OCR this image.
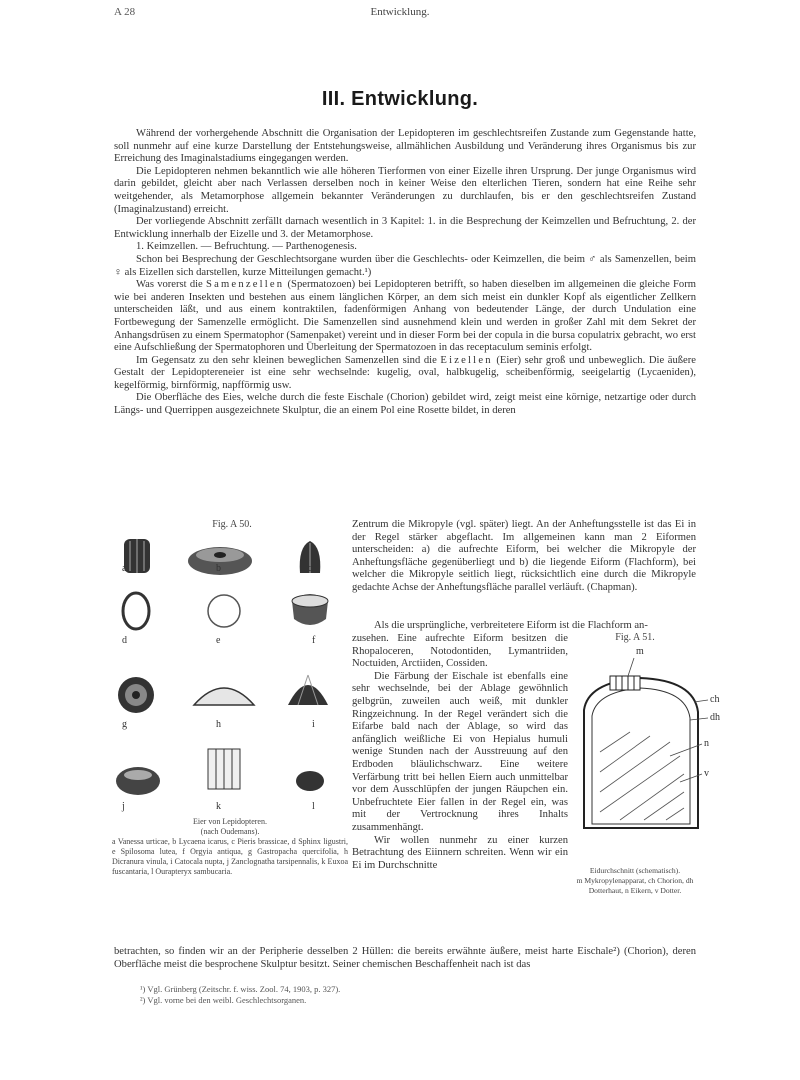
A 28	Entwicklung.
III. Entwicklung.
Während der vorhergehende Abschnitt die Organisation der Lepidopteren im geschlechtsreifen Zustande zum Gegenstande hatte, soll nunmehr auf eine kurze Darstellung der Entstehungsweise, allmählichen Ausbildung und Veränderung ihres Organismus bis zur Erreichung des Imaginalstadiums eingegangen werden.
Die Lepidopteren nehmen bekanntlich wie alle höheren Tierformen von einer Eizelle ihren Ursprung. Der junge Organismus wird darin gebildet, gleicht aber nach Verlassen derselben noch in keiner Weise den elterlichen Tieren, sondern hat eine Reihe sehr weitgehender, als Metamorphose allgemein bekannter Veränderungen zu durchlaufen, bis er den geschlechtsreifen Zustand (Imaginalzustand) erreicht.
Der vorliegende Abschnitt zerfällt darnach wesentlich in 3 Kapitel: 1. in die Besprechung der Keimzellen und Befruchtung, 2. der Entwicklung innerhalb der Eizelle und 3. der Metamorphose.
1. Keimzellen. — Befruchtung. — Parthenogenesis.
Schon bei Besprechung der Geschlechtsorgane wurden über die Geschlechts- oder Keimzellen, die beim ♂ als Samenzellen, beim ♀ als Eizellen sich darstellen, kurze Mitteilungen gemacht.¹)
Was vorerst die Samenzellen (Spermatozoen) bei Lepidopteren betrifft, so haben dieselben im allgemeinen die gleiche Form wie bei anderen Insekten und bestehen aus einem länglichen Körper, an dem sich meist ein dunkler Kopf als eigentlicher Zellkern unterscheiden läßt, und aus einem kontraktilen, fadenförmigen Anhang von bedeutender Länge, der durch Undulation eine Fortbewegung der Samenzelle ermöglicht. Die Samenzellen sind ausnehmend klein und werden in großer Zahl mit dem Sekret der Anhangsdrüsen zu einem Spermatophor (Samenpaket) vereint und in dieser Form bei der copula in die bursa copulatrix gebracht, wo erst eine Aufschließung der Spermatophoren und Überleitung der Spermatozoen in das receptaculum seminis erfolgt.
Im Gegensatz zu den sehr kleinen beweglichen Samenzellen sind die Eizellen (Eier) sehr groß und unbeweglich. Die äußere Gestalt der Lepidoptereneier ist eine sehr wechselnde: kugelig, oval, halbkugelig, scheibenförmig, seeigelartig (Lycaeniden), kegelförmig, birnförmig, napfförmig usw.
Die Oberfläche des Eies, welche durch die feste Eischale (Chorion) gebildet wird, zeigt meist eine körnige, netzartige oder durch Längs- und Querrippen ausgezeichnete Skulptur, die an einem Pol eine Rosette bildet, in deren
Zentrum die Mikropyle (vgl. später) liegt. An der Anheftungsstelle ist das Ei in der Regel stärker abgeflacht. Im allgemeinen kann man 2 Eiformen unterscheiden: a) die aufrechte Eiform, bei welcher die Mikropyle der Anheftungsfläche gegenüberliegt und b) die liegende Eiform (Flachform), bei welcher die Mikropyle seitlich liegt, rücksichtlich eine durch die Mikropyle gedachte Achse der Anheftungsfläche parallel verläuft. (Chapman).
Als die ursprüngliche, verbreitetere Eiform ist die Flachform an-
zusehen. Eine aufrechte Eiform besitzen die Rhopaloceren, Notodontiden, Lymantriiden, Noctuiden, Arctiiden, Cossiden.
Die Färbung der Eischale ist ebenfalls eine sehr wechselnde, bei der Ablage gewöhnlich gelbgrün, zuweilen auch weiß, mit dunkler Ringzeichnung. In der Regel verändert sich die Eifarbe bald nach der Ablage, so wird das anfänglich weißliche Ei von Hepialus humuli wenige Stunden nach der Ausstreuung auf den Erdboden bläulichschwarz. Eine weitere Verfärbung tritt bei hellen Eiern auch unmittelbar vor dem Ausschlüpfen der jungen Räupchen ein. Unbefruchtete Eier fallen in der Regel ein, was mit der Vertrocknung ihres Inhalts zusammenhängt.
Wir wollen nunmehr zu einer kurzen Betrachtung des Eiinnern schreiten. Wenn wir ein Ei im Durchschnitte
betrachten, so finden wir an der Peripherie desselben 2 Hüllen: die bereits erwähnte äußere, meist harte Eischale²) (Chorion), deren Oberfläche meist die besprochene Skulptur besitzt. Seiner chemischen Beschaffenheit nach ist das
¹) Vgl. Grünberg (Zeitschr. f. wiss. Zool. 74, 1903, p. 327).
²) Vgl. vorne bei den weibl. Geschlechtsorganen.
Fig. A 50.
a	b	c
d	e	f
g	h	i
j	k	l
Eier von Lepidopteren.
(nach Oudemans).
a Vanessa urticae, b Lycaena icarus, c Pieris brassicae, d Sphinx ligustri, e Spilosoma lutea, f Orgyia antiqua, g Gastropacha quercifolia, h Dicranura vinula, i Catocala nupta, j Zanclognatha tarsipennalis, k Euxoa fuscantaria, l Ourapteryx sambucaria.
Fig. A 51.
m
ch
dh
n
v
Eidurchschnitt (schematisch).
m Mykropylenapparat, ch Chorion, dh Dotterhaut, n Eikern, v Dotter.
